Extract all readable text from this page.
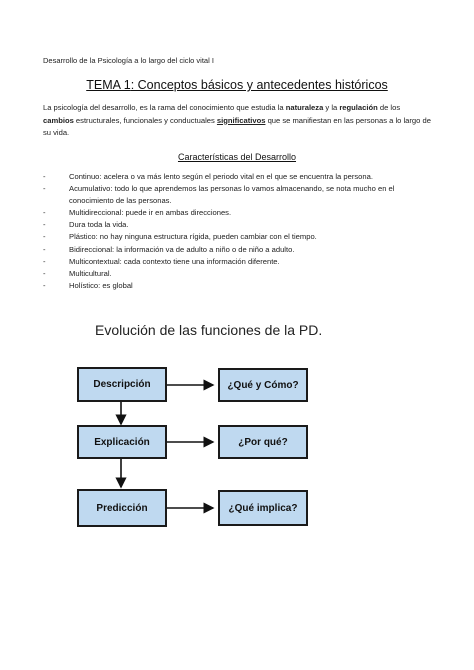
Desarrollo de la Psicología a lo largo del ciclo vital I
TEMA 1: Conceptos básicos y antecedentes históricos
La psicología del desarrollo, es la rama del conocimiento que estudia la naturaleza y la regulación de los cambios estructurales, funcionales y conductuales significativos que se manifiestan en las personas a lo largo de su vida.
Características del Desarrollo
-	Continuo: acelera o va más lento según el periodo vital en el que se encuentra la persona.
-	Acumulativo: todo lo que aprendemos las personas lo vamos almacenando, se nota mucho en el conocimiento de las personas.
-	Multidireccional: puede ir en ambas direcciones.
-	Dura toda la vida.
-	Plástico: no hay ninguna estructura rígida, pueden cambiar con el tiempo.
-	Bidireccional: la información va de adulto a niño o de niño a adulto.
-	Multicontextual: cada contexto tiene una información diferente.
-	Multicultural.
-	Holístico: es global
Evolución de las funciones de la PD.
Descripción	¿Qué y Cómo?
Explicación	¿Por qué?
Predicción	¿Qué implica?
